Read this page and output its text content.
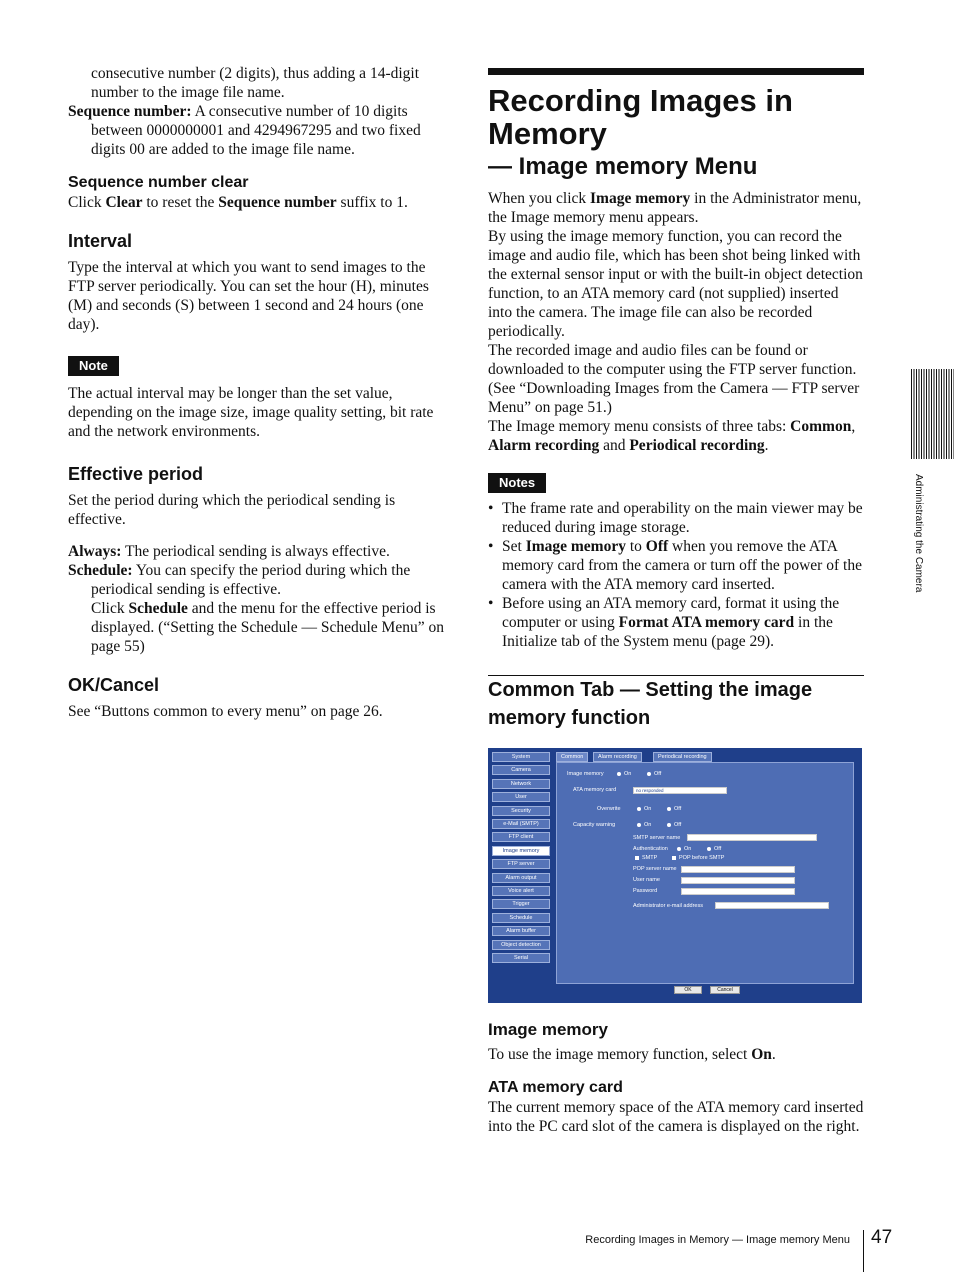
consecutive number (2 digits), thus adding a 14-digit number to the image file name.

Sequence number: A consecutive number of 10 digits between 0000000001 and 4294967295 and two fixed digits 00 are added to the image file name.

Sequence number clear

Click Clear to reset the Sequence number suffix to 1.

Interval

Type the interval at which you want to send images to the FTP server periodically. You can set the hour (H), minutes (M) and seconds (S) between 1 second and 24 hours (one day).

Note

The actual interval may be longer than the set value, depending on the image size, image quality setting, bit rate and the network environments.

Effective period

Set the period during which the periodical sending is effective.

Always: The periodical sending is always effective.

Schedule: You can specify the period during which the periodical sending is effective.

Click Schedule and the menu for the effective period is displayed. (“Setting the Schedule — Schedule Menu” on page 55)

OK/Cancel

See “Buttons common to every menu” on page 26.

Recording Images in
Memory
— Image memory Menu

When you click Image memory in the Administrator menu, the Image memory menu appears.

By using the image memory function, you can record the image and audio file, which has been shot being linked with the external sensor input or with the built-in object detection function, to an ATA memory card (not supplied) inserted into the camera. The image file can also be recorded periodically.

The recorded image and audio files can be found or downloaded to the computer using the FTP server function. (See “Downloading Images from the Camera — FTP server Menu” on page 51.)

The Image memory menu consists of three tabs: Common, Alarm recording and Periodical recording.

Notes
• The frame rate and operability on the main viewer may be reduced during image storage.
• Set Image memory to Off when you remove the ATA memory card from the camera or turn off the power of the camera with the ATA memory card inserted.
• Before using an ATA memory card, format it using the computer or using Format ATA memory card in the Initialize tab of the System menu (page 29).
Common Tab — Setting the image
memory function
System
Camera
Network
User
Security
e-Mail (SMTP)
FTP client
Image memory
FTP server
Alarm output
Voice alert
Trigger
Schedule
Alarm buffer
Object detection
Serial
Common	Alarm recording	Periodical recording
Image memory	On	Off
ATA memory card	no responded
Overwrite	On	Off
Capacity warning	On	Off
SMTP server name
Authentication	On	Off
SMTP	POP before SMTP
POP server name
User name
Password
Administrator e-mail address
OK	Cancel
Image memory

To use the image memory function, select On.

ATA memory card

The current memory space of the ATA memory card inserted into the PC card slot of the camera is displayed on the right.

Administrating the Camera
Recording Images in Memory — Image memory Menu 47
